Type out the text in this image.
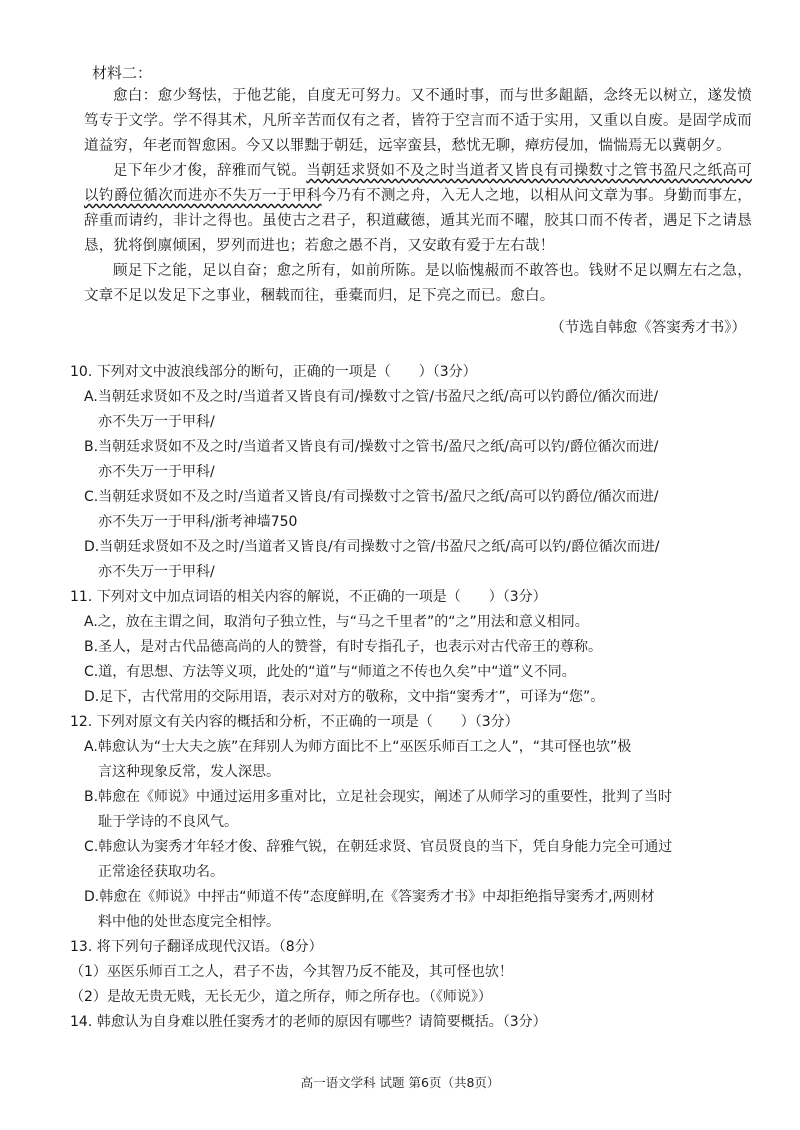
材料二：

愈白：愈少驽怯，于他艺能，自度无可努力。又不通时事，而与世多龃龉，念终无以树立，遂发愤笃专于文学。学不得其术，凡所辛苦而仅有之者，皆符于空言而不适于实用，又重以自废。是固学成而道益穷，年老而智愈困。今又以罪黜于朝廷，远宰蛮县，愁忧无聊，瘴疠侵加，惴惴焉无以冀朝夕。

足下年少才俊，辞雅而气锐。当朝廷求贤如不及之时当道者又皆良有司操数寸之管书盈尺之纸高可以钓爵位循次而进亦不失万一于甲科今乃有不测之舟，入无人之地，以相从问文章为事。身勤而事左，辞重而请约，非计之得也。虽使古之君子，积道藏德，遁其光而不曜，胶其口而不传者，遇足下之请恳恳，犹将倒廪倾囷，罗列而进也；若愈之愚不肖，又安敢有爱于左右哉！

顾足下之能，足以自奋；愈之所有，如前所陈。是以临愧赧而不敢答也。钱财不足以赒左右之急，文章不足以发足下之事业，稇载而往，垂橐而归，足下亮之而已。愈白。

（节选自韩愈《答窦秀才书》）
10. 下列对文中波浪线部分的断句，正确的一项是（　　）（3分）
A.当朝廷求贤如不及之时/当道者又皆良有司/操数寸之管/书盈尺之纸/高可以钓爵位/循次而进/
亦不失万一于甲科/
B.当朝廷求贤如不及之时/当道者又皆良有司/操数寸之管书/盈尺之纸/高可以钓/爵位循次而进/
亦不失万一于甲科/
C.当朝廷求贤如不及之时/当道者又皆良/有司操数寸之管书/盈尺之纸/高可以钓爵位/循次而进/
亦不失万一于甲科/浙考神墙750
D.当朝廷求贤如不及之时/当道者又皆良/有司操数寸之管/书盈尺之纸/高可以钓/爵位循次而进/
亦不失万一于甲科/
11. 下列对文中加点词语的相关内容的解说，不正确的一项是（　　）（3分）
A.之，放在主谓之间，取消句子独立性，与“马之千里者”的“之”用法和意义相同。
B.圣人，是对古代品德高尚的人的赞誉，有时专指孔子，也表示对古代帝王的尊称。
C.道，有思想、方法等义项，此处的“道”与“师道之不传也久矣”中“道”义不同。
D.足下，古代常用的交际用语，表示对对方的敬称，文中指“窦秀才”，可译为“您”。
12. 下列对原文有关内容的概括和分析，不正确的一项是（　　）（3分）
A.韩愈认为“士大夫之族”在拜别人为师方面比不上“巫医乐师百工之人”，“其可怪也欤”极
言这种现象反常，发人深思。
B.韩愈在《师说》中通过运用多重对比，立足社会现实，阐述了从师学习的重要性，批判了当时
耻于学诗的不良风气。
C.韩愈认为窦秀才年轻才俊、辞雅气锐，在朝廷求贤、官员贤良的当下，凭自身能力完全可通过
正常途径获取功名。
D.韩愈在《师说》中抨击“师道不传”态度鲜明,在《答窦秀才书》中却拒绝指导窦秀才,两则材
料中他的处世态度完全相悖。
13. 将下列句子翻译成现代汉语。（8分）
（1）巫医乐师百工之人，君子不齿，今其智乃反不能及，其可怪也欤！
（2）是故无贵无贱，无长无少，道之所存，师之所存也。（《师说》）
14. 韩愈认为自身难以胜任窦秀才的老师的原因有哪些？请简要概括。（3分）
高一语文学科 试题 第6页（共8页）
